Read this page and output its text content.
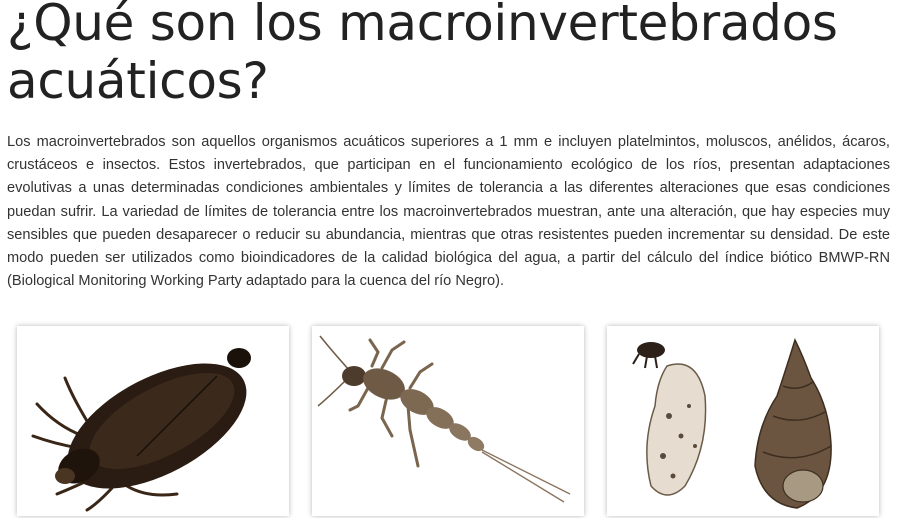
¿Qué son los macroinvertebrados acuáticos?

Los macroinvertebrados son aquellos organismos acuáticos superiores a 1 mm e incluyen platelmintos, moluscos, anélidos, ácaros, crustáceos e insectos. Estos invertebrados, que participan en el funcionamiento ecológico de los ríos, presentan adaptaciones evolutivas a unas determinadas condiciones ambientales y límites de tolerancia a las diferentes alteraciones que esas condiciones puedan sufrir. La variedad de límites de tolerancia entre los macroinvertebrados muestran, ante una alteración, que hay especies muy sensibles que pueden desaparecer o reducir su abundancia, mientras que otras resistentes pueden incrementar su densidad. De este modo pueden ser utilizados como bioindicadores de la calidad biológica del agua, a partir del cálculo del índice biótico BMWP-RN (Biological Monitoring Working Party adaptado para la cuenca del río Negro).
